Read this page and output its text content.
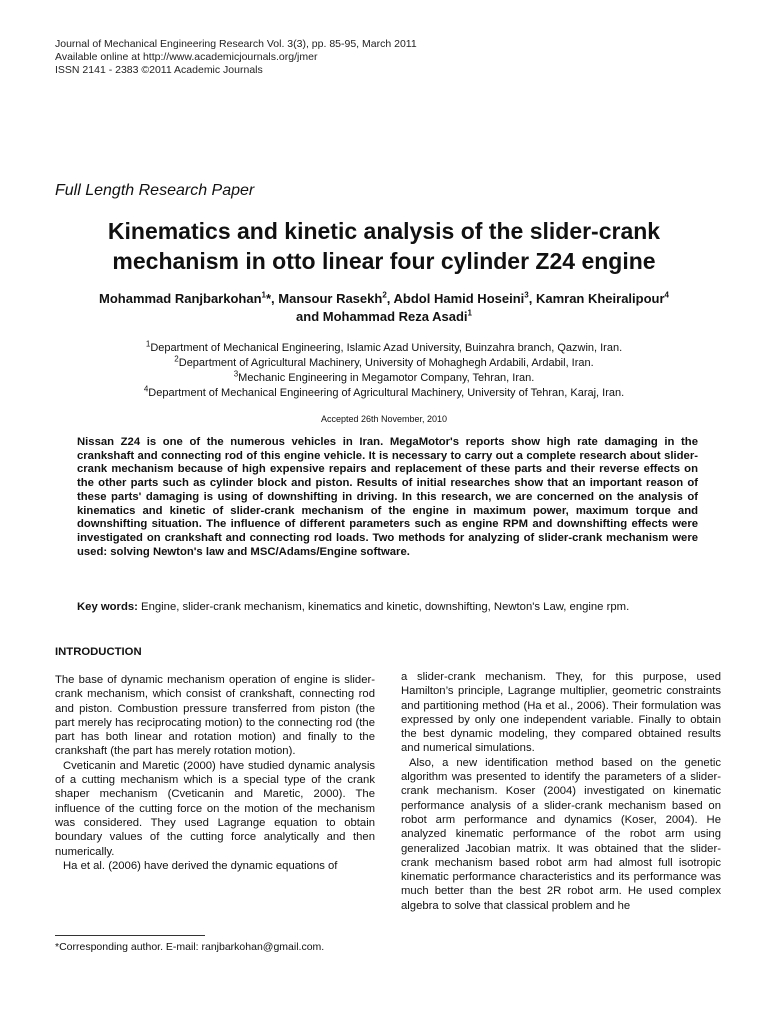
Journal of Mechanical Engineering Research Vol. 3(3), pp. 85-95, March 2011
Available online at http://www.academicjournals.org/jmer
ISSN 2141 - 2383 ©2011 Academic Journals
Full Length Research Paper
Kinematics and kinetic analysis of the slider-crank
mechanism in otto linear four cylinder Z24 engine
Mohammad Ranjbarkohan$^1$*, Mansour Rasekh$^2$, Abdol Hamid Hoseini$^3$, Kamran Kheiralipour$^4$
and Mohammad Reza Asadi$^1$
$^1$Department of Mechanical Engineering, Islamic Azad University, Buinzahra branch, Qazwin, Iran.
$^2$Department of Agricultural Machinery, University of Mohaghegh Ardabili, Ardabil, Iran.
$^3$Mechanic Engineering in Megamotor Company, Tehran, Iran.
$^4$Department of Mechanical Engineering of Agricultural Machinery, University of Tehran, Karaj, Iran.
Accepted 26th November, 2010
Nissan Z24 is one of the numerous vehicles in Iran. MegaMotor's reports show high rate damaging in the crankshaft and connecting rod of this engine vehicle. It is necessary to carry out a complete research about slider-crank mechanism because of high expensive repairs and replacement of these parts and their reverse effects on the other parts such as cylinder block and piston. Results of initial researches show that an important reason of these parts' damaging is using of downshifting in driving. In this research, we are concerned on the analysis of kinematics and kinetic of slider-crank mechanism of the engine in maximum power, maximum torque and downshifting situation. The influence of different parameters such as engine RPM and downshifting effects were investigated on crankshaft and connecting rod loads. Two methods for analyzing of slider-crank mechanism were used: solving Newton's law and MSC/Adams/Engine software.
Key words: Engine, slider-crank mechanism, kinematics and kinetic, downshifting, Newton's Law, engine rpm.
INTRODUCTION

The base of dynamic mechanism operation of engine is slider-crank mechanism, which consist of crankshaft, connecting rod and piston. Combustion pressure transferred from piston (the part merely has reciprocating motion) to the connecting rod (the part has both linear and rotation motion) and finally to the crankshaft (the part has merely rotation motion).

Cveticanin and Maretic (2000) have studied dynamic analysis of a cutting mechanism which is a special type of the crank shaper mechanism (Cveticanin and Maretic, 2000). The influence of the cutting force on the motion of the mechanism was considered. They used Lagrange equation to obtain boundary values of the cutting force analytically and then numerically.

Ha et al. (2006) have derived the dynamic equations of

a slider-crank mechanism. They, for this purpose, used Hamilton’s principle, Lagrange multiplier, geometric constraints and partitioning method (Ha et al., 2006). Their formulation was expressed by only one independent variable. Finally to obtain the best dynamic modeling, they compared obtained results and numerical simulations.

Also, a new identification method based on the genetic algorithm was presented to identify the parameters of a slider-crank mechanism. Koser (2004) investigated on kinematic performance analysis of a slider-crank mechanism based on robot arm performance and dynamics (Koser, 2004). He analyzed kinematic performance of the robot arm using generalized Jacobian matrix. It was obtained that the slider-crank mechanism based robot arm had almost full isotropic kinematic performance characteristics and its performance was much better than the best 2R robot arm. He used complex algebra to solve that classical problem and he

*Corresponding author. E-mail: ranjbarkohan@gmail.com.
